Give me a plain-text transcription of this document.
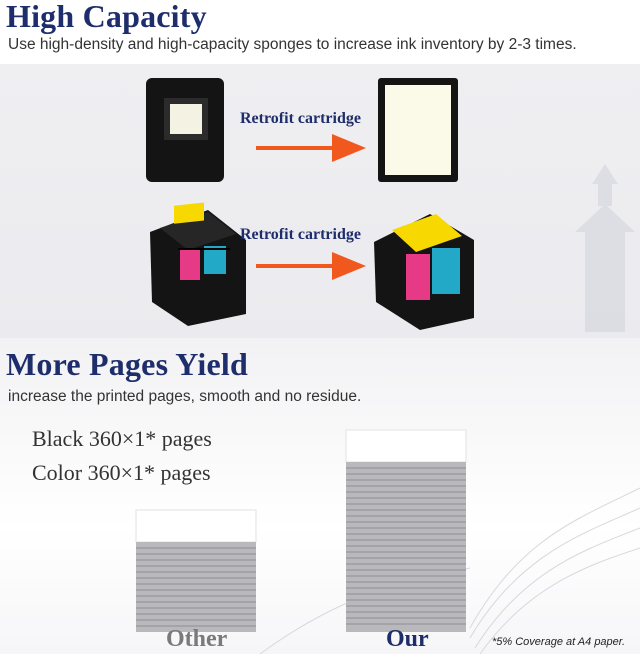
High Capacity
Use high-density and high-capacity sponges to increase ink inventory by 2-3 times.
Retrofit cartridge
Retrofit cartridge
More Pages Yield
increase the printed pages, smooth and no residue.
Black 360×1* pages
Color 360×1* pages
Other	Our	*5% Coverage at A4 paper.
